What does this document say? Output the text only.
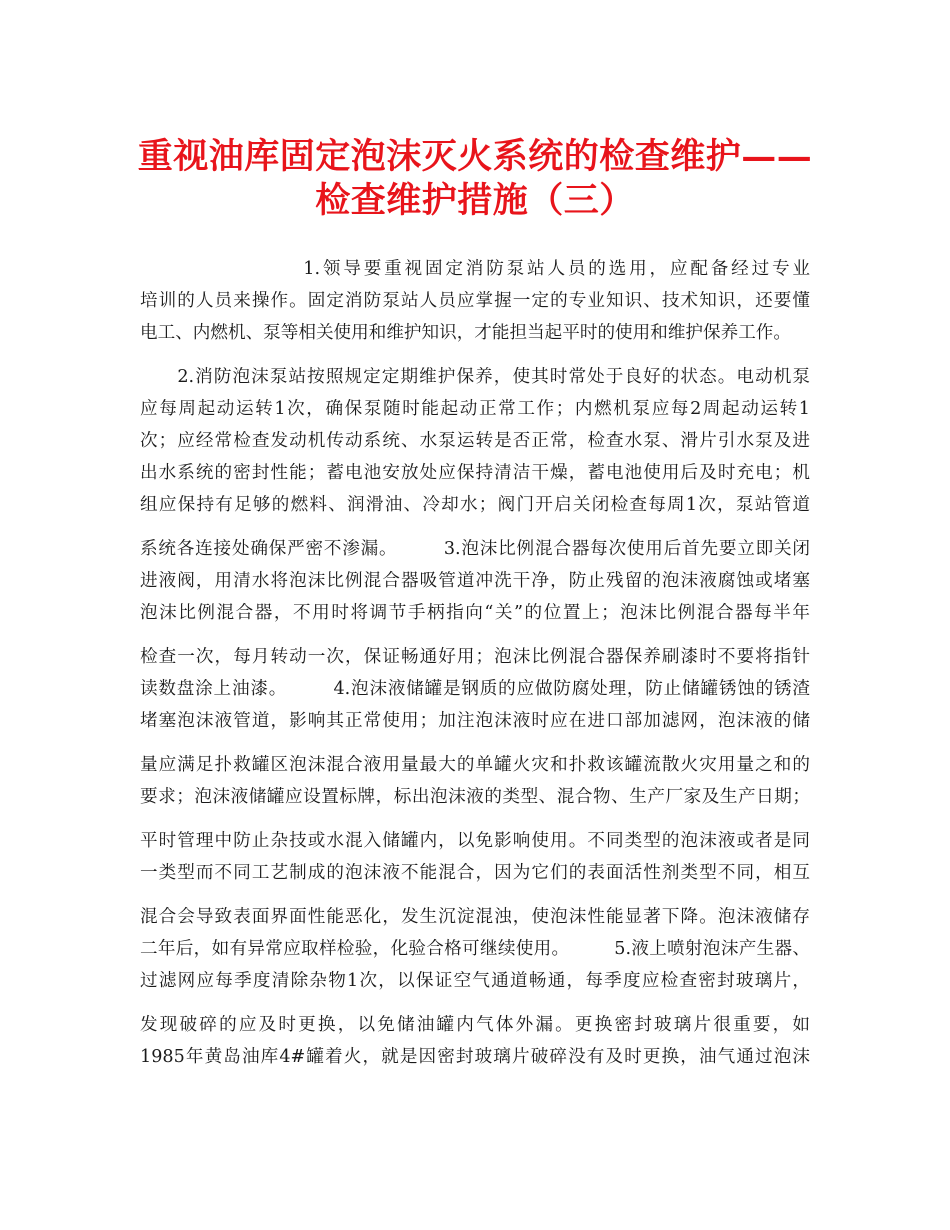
重视油库固定泡沫灭火系统的检查维护——
检查维护措施（三）

　　　　　　　　1.领导要重视固定消防泵站人员的选用，应配备经过专业

培训的人员来操作。固定消防泵站人员应掌握一定的专业知识、技术知识，还要懂

电工、内燃机、泵等相关使用和维护知识，才能担当起平时的使用和维护保养工作。

　　2.消防泡沫泵站按照规定定期维护保养，使其时常处于良好的状态。电动机泵

应每周起动运转1次，确保泵随时能起动正常工作；内燃机泵应每2周起动运转1

次；应经常检查发动机传动系统、水泵运转是否正常，检查水泵、滑片引水泵及进

出水系统的密封性能；蓄电池安放处应保持清洁干燥，蓄电池使用后及时充电；机

组应保持有足够的燃料、润滑油、冷却水；阀门开启关闭检查每周1次，泵站管道

系统各连接处确保严密不渗漏。　　　3.泡沫比例混合器每次使用后首先要立即关闭

进液阀，用清水将泡沫比例混合器吸管道冲洗干净，防止残留的泡沫液腐蚀或堵塞

泡沫比例混合器，不用时将调节手柄指向“关”的位置上；泡沫比例混合器每半年

检查一次，每月转动一次，保证畅通好用；泡沫比例混合器保养刷漆时不要将指针

读数盘涂上油漆。　　　4.泡沫液储罐是钢质的应做防腐处理，防止储罐锈蚀的锈渣

堵塞泡沫液管道，影响其正常使用；加注泡沫液时应在进口部加滤网，泡沫液的储

量应满足扑救罐区泡沫混合液用量最大的单罐火灾和扑救该罐流散火灾用量之和的

要求；泡沫液储罐应设置标牌，标出泡沫液的类型、混合物、生产厂家及生产日期；

平时管理中防止杂技或水混入储罐内，以免影响使用。不同类型的泡沫液或者是同

一类型而不同工艺制成的泡沫液不能混合，因为它们的表面活性剂类型不同，相互

混合会导致表面界面性能恶化，发生沉淀混浊，使泡沫性能显著下降。泡沫液储存

二年后，如有异常应取样检验，化验合格可继续使用。　　　5.液上喷射泡沫产生器、

过滤网应每季度清除杂物1次，以保证空气通道畅通，每季度应检查密封玻璃片，

发现破碎的应及时更换，以免储油罐内气体外漏。更换密封玻璃片很重要，如

1985年黄岛油库4#罐着火，就是因密封玻璃片破碎没有及时更换，油气通过泡沫
